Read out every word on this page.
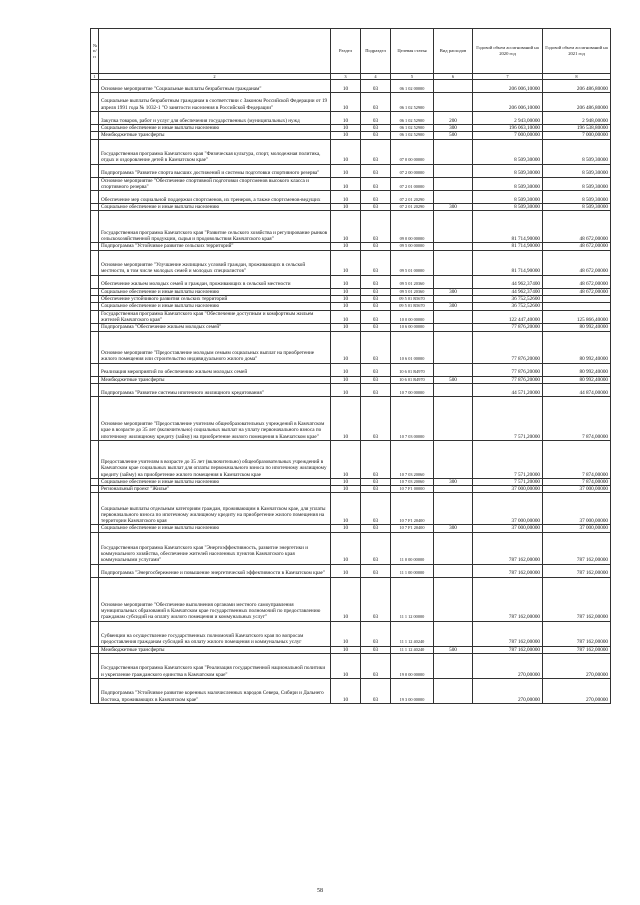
№ п/п		Раздел	Подраздел	Целевая статья	Вид расходов	Годовой объем ассигнований на 2020 год	Годовой объем ассигнований на 2021 год
1	2	3	4	5	6	7	8
	Основное мероприятие "Социальные выплаты безработным гражданам"	10	03	06 1 02 00000		206 006,10000	206 486,80000
	Социальные выплаты безработным гражданам в соответствии с Законом Российской Федерации от 19 апреля 1991 года № 1032-1 "О занятости населения в Российской Федерации"	10	03	06 1 02 52900		206 006,10000	206 486,80000
	Закупка товаров, работ и услуг для обеспечения государственных (муниципальных) нужд	10	03	06 1 02 52900	200	2 943,00000	2 948,00000
	Социальное обеспечение и иные выплаты населению	10	03	06 1 02 52900	300	196 063,10000	196 538,80000
	Межбюджетные трансферты	10	03	06 1 02 52900	500	7 000,00000	7 000,00000
	Государственная программа Камчатского края "Физическая культура, спорт, молодежная политика, отдых и оздоровление детей в Камчатском крае"	10	03	07 0 00 00000		8 509,30000	8 509,30000
	Подпрограмма "Развитие спорта высших достижений и системы подготовки спортивного резерва"	10	03	07 2 00 00000		8 509,30000	8 509,30000
	Основное мероприятие "Обеспечение спортивной подготовки спортсменов высокого класса и спортивного резерва"	10	03	07 2 01 00000		8 509,30000	8 509,30000
	Обеспечение мер социальной поддержки спортсменов, их тренеров, а также спортсменов-ведущих	10	03	07 2 01 20290		8 509,30000	8 509,30000
	Социальное обеспечение и иные выплаты населению	10	03	07 2 01 20290	300	8 509,30000	8 509,30000
	Государственная программа Камчатского края "Развитие сельского хозяйства и регулирование рынков сельскохозяйственной продукции, сырья и продовольствия Камчатского края"	10	03	09 0 00 00000		81 714,90000	48 672,00000
	Подпрограмма "Устойчивое развитие сельских территорий"	10	03	09 5 00 00000		81 714,90000	48 672,00000
	Основное мероприятие "Улучшение жилищных условий граждан, проживающих в сельской местности, в том числе молодых семей и молодых специалистов"	10	03	09 5 01 00000		81 714,90000	48 672,00000
	Обеспечение жильем молодых семей и граждан, проживающих в сельской местности	10	03	09 5 01 20360		44 962,37400	48 672,00000
	Социальное обеспечение и иные выплаты населению	10	03	09 5 01 20360	300	44 962,37400	48 672,00000
	Обеспечение устойчивого развития сельских территорий	10	03	09 5 01 R5670		36 752,52600	
	Социальное обеспечение и иные выплаты населению	10	03	09 5 01 R5670	300	36 752,52600	
	Государственная программа Камчатского края "Обеспечение доступным и комфортным жильем жителей Камчатского края"	10	03	10 0 00 00000		122 447,40000	125 866,40000
	Подпрограмма "Обеспечение жильем молодых семей"	10	03	10 6 00 00000		77 876,20000	80 992,40000
	Основное мероприятие "Предоставление молодым семьям социальных выплат на приобретение жилого помещения или строительство индивидуального жилого дома"	10	03	10 6 01 00000		77 876,20000	80 992,40000
	Реализация мероприятий по обеспечению жильем молодых семей	10	03	10 6 01 R4970		77 876,20000	80 992,40000
	Межбюджетные трансферты	10	03	10 6 01 R4970	500	77 876,20000	80 992,40000
	Подпрограмма "Развитие системы ипотечного жилищного кредитования"	10	03	10 7 00 00000		44 571,20000	44 874,00000
	Основное мероприятие "Предоставление учителям общеобразовательных учреждений в Камчатском крае в возрасте до 35 лет (включительно) социальных выплат на уплату первоначального взноса по ипотечному жилищному кредиту (займу) на приобретение жилого помещения в Камчатском крае"	10	03	10 7 03 00000		7 571,20000	7 874,00000
	Предоставление учителям в возрасте до 35 лет (включительно) общеобразовательных учреждений в Камчатском крае социальных выплат для оплаты первоначального взноса по ипотечному жилищному кредиту (займу) на приобретение жилого помещения в Камчатском крае	10	03	10 7 03 20060		7 571,20000	7 874,00000
	Социальное обеспечение и иные выплаты населению	10	03	10 7 03 20060	300	7 571,20000	7 874,00000
	Региональный проект "Жилье"	10	03	10 7 F1 00000		37 000,00000	37 000,00000
	Социальные выплаты отдельным категориям граждан, проживающим в Камчатском крае, для уплаты первоначального взноса по ипотечному жилищному кредиту на приобретение жилого помещения на территории Камчатского края	10	03	10 7 F1 20400		37 000,00000	37 000,00000
	Социальное обеспечение и иные выплаты населению	10	03	10 7 F1 20400	300	37 000,00000	37 000,00000
	Государственная программа Камчатского края "Энергоэффективность, развитие энергетики и коммунального хозяйства, обеспечение жителей населенных пунктов Камчатского края коммунальными услугами"	10	03	11 0 00 00000		787 162,00000	787 162,00000
	Подпрограмма "Энергосбережение и повышение энергетической эффективности в Камчатском крае"	10	03	11 1 00 00000		787 162,00000	787 162,00000
	Основное мероприятие "Обеспечение выполнения органами местного самоуправления муниципальных образований в Камчатском крае государственных полномочий по предоставлению гражданам субсидий на оплату жилого помещения и коммунальных услуг"	10	03	11 1 12 00000		787 162,00000	787 162,00000
	Субвенции на осуществление государственных полномочий Камчатского края по вопросам предоставления гражданам субсидий на оплату жилого помещения и коммунальных услуг	10	03	11 1 12 40240		787 162,00000	787 162,00000
	Межбюджетные трансферты	10	03	11 1 12 40240	500	787 162,00000	787 162,00000
	Государственная программа Камчатского края "Реализация государственной национальной политики и укрепление гражданского единства в Камчатском крае"	10	03	19 0 00 00000		270,00000	270,00000
	Подпрограмма "Устойчивое развитие коренных малочисленных народов Севера, Сибири и Дальнего Востока, проживающих в Камчатском крае"	10	03	19 3 00 00000		270,00000	270,00000
58
